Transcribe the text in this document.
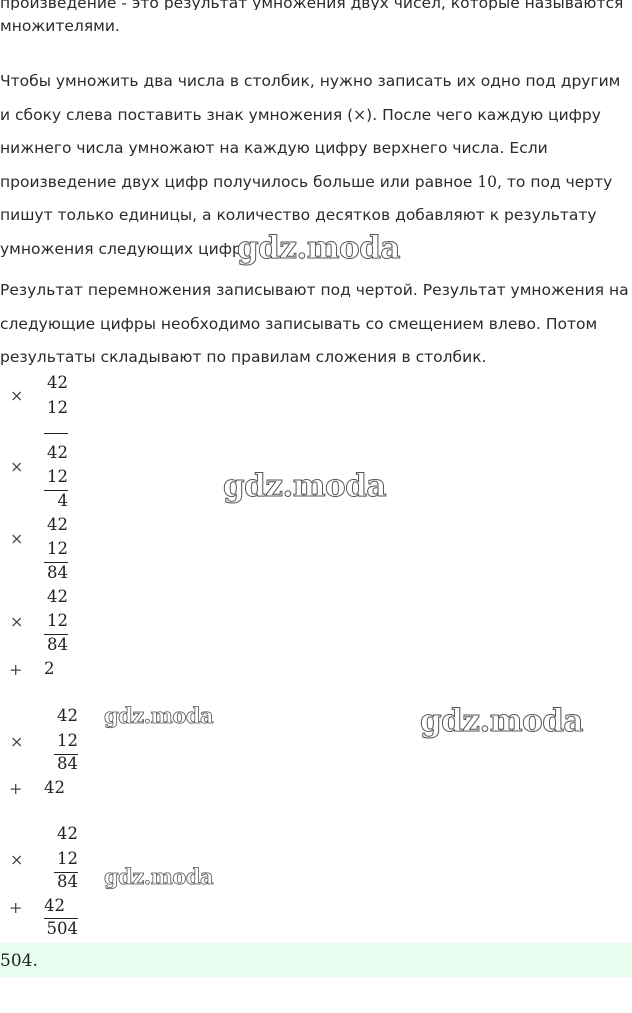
произведение - это результат умножения двух чисел, которые называются

множителями.

Чтобы умножить два числа в столбик, нужно записать их одно под другим и сбоку слева поставить знак умножения (×). После чего каждую цифру нижнего числа умножают на каждую цифру верхнего числа. Если произведение двух цифр получилось больше или равное 10, то под черту пишут только единицы, а количество десятков добавляют к результату умножения следующих цифр.

Результат перемножения записывают под чертой. Результат умножения на следующие цифры необходимо записывать со смещением влево. Потом результаты складывают по правилам сложения в столбик.

×
42
12
×
42
12
4
×
42
12
84
42
× 12
84
+ 2
42
× 12
84
+ 42
42
× 12
84
+ 42
504
504.
gdz.moda
gdz.moda
gdz.moda	gdz.moda
gdz.moda
